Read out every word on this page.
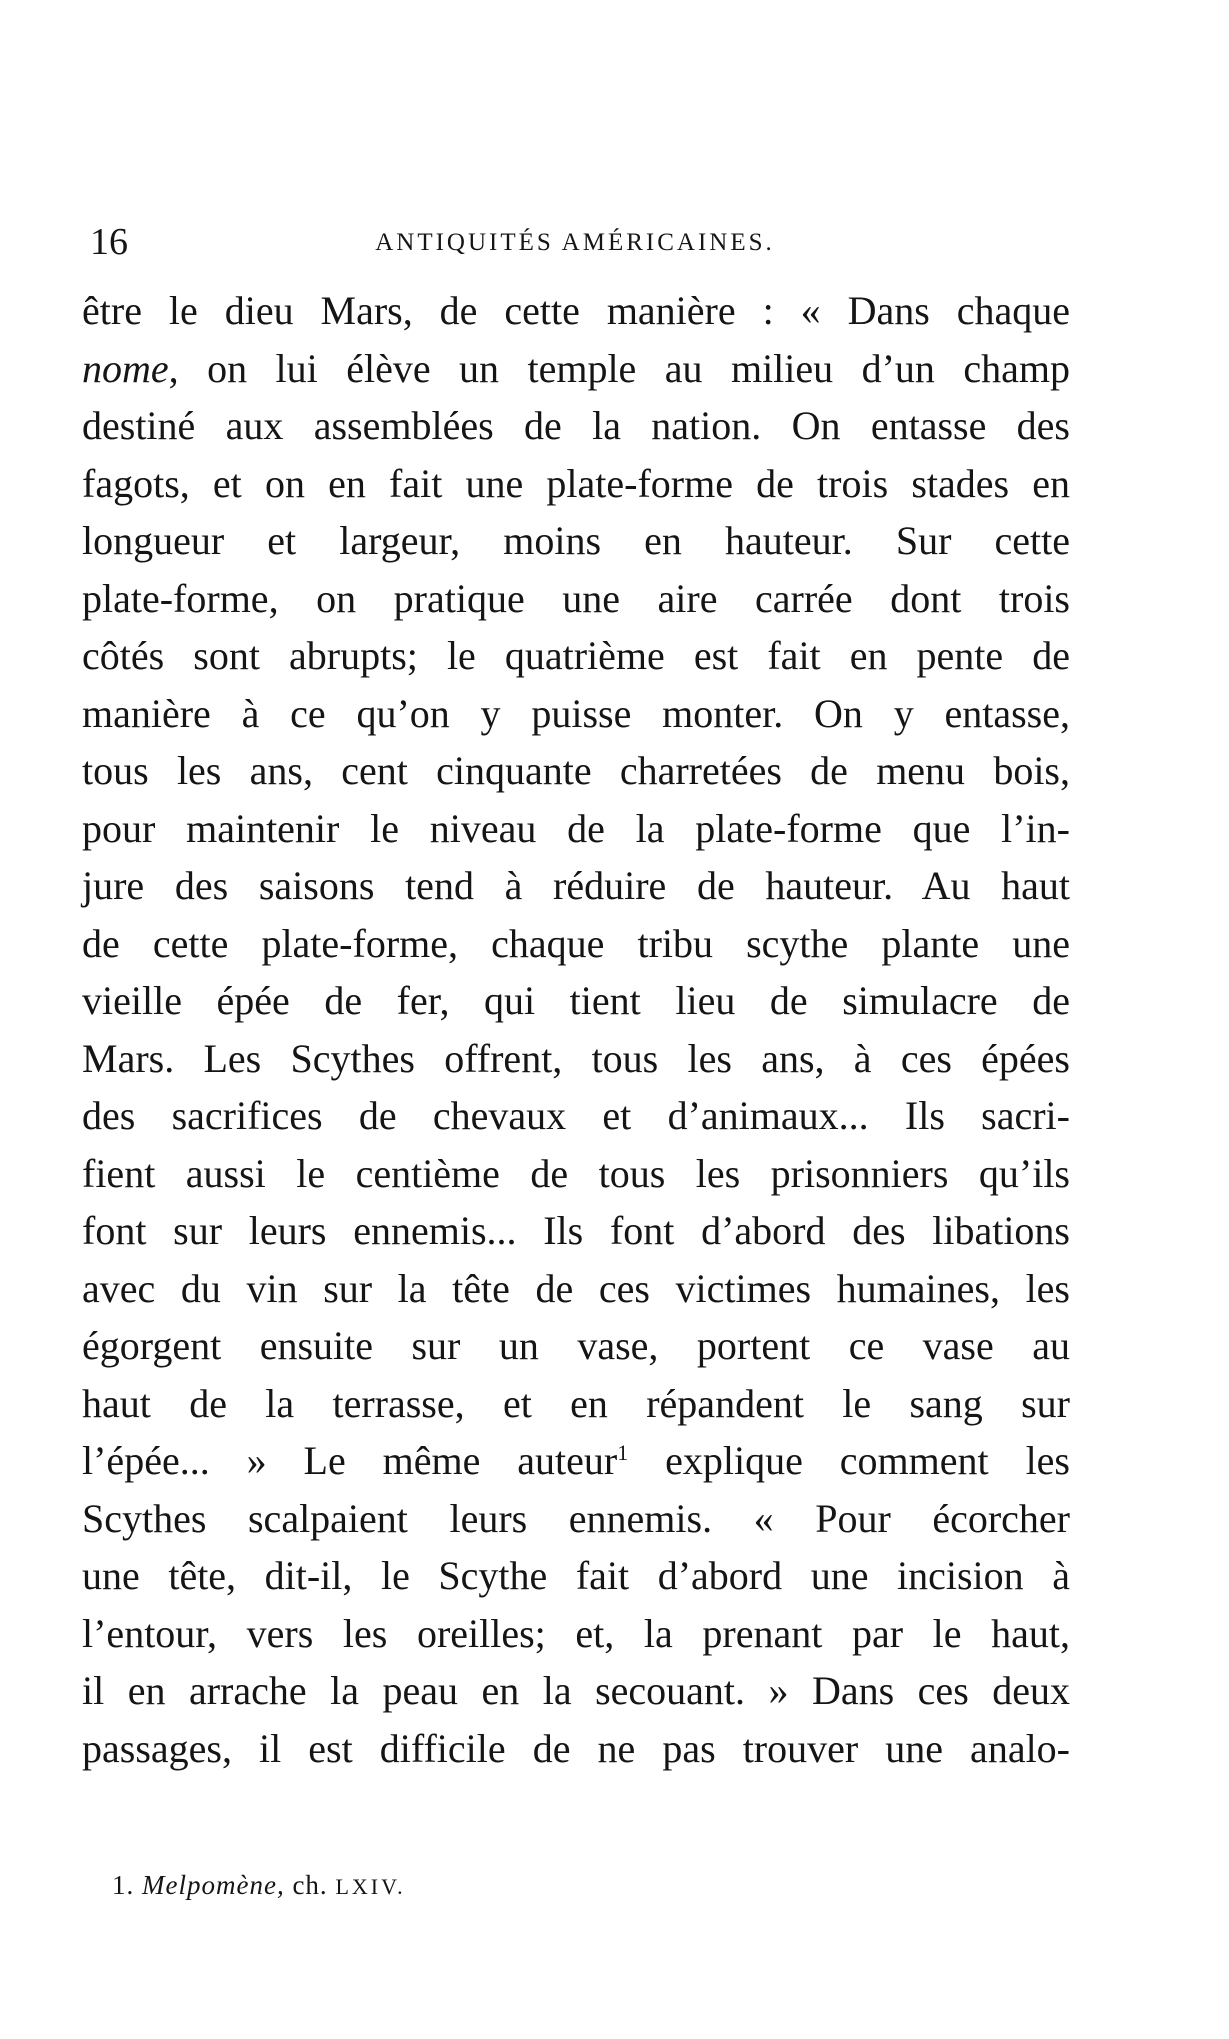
16	ANTIQUITÉS AMÉRICAINES.
être le dieu Mars, de cette manière : « Dans chaque
nome, on lui élève un temple au milieu d’un champ
destiné aux assemblées de la nation. On entasse des
fagots, et on en fait une plate-forme de trois stades en
longueur et largeur, moins en hauteur. Sur cette
plate-forme, on pratique une aire carrée dont trois
côtés sont abrupts; le quatrième est fait en pente de
manière à ce qu’on y puisse monter. On y entasse,
tous les ans, cent cinquante charretées de menu bois,
pour maintenir le niveau de la plate-forme que l’in-
jure des saisons tend à réduire de hauteur. Au haut
de cette plate-forme, chaque tribu scythe plante une
vieille épée de fer, qui tient lieu de simulacre de
Mars. Les Scythes offrent, tous les ans, à ces épées
des sacrifices de chevaux et d’animaux... Ils sacri-
fient aussi le centième de tous les prisonniers qu’ils
font sur leurs ennemis... Ils font d’abord des libations
avec du vin sur la tête de ces victimes humaines, les
égorgent ensuite sur un vase, portent ce vase au
haut de la terrasse, et en répandent le sang sur
l’épée... » Le même auteur$^1$ explique comment les
Scythes scalpaient leurs ennemis. « Pour écorcher
une tête, dit-il, le Scythe fait d’abord une incision à
l’entour, vers les oreilles; et, la prenant par le haut,
il en arrache la peau en la secouant. » Dans ces deux
passages, il est difficile de ne pas trouver une analo-
1. Melpomène, ch. LXIV.
